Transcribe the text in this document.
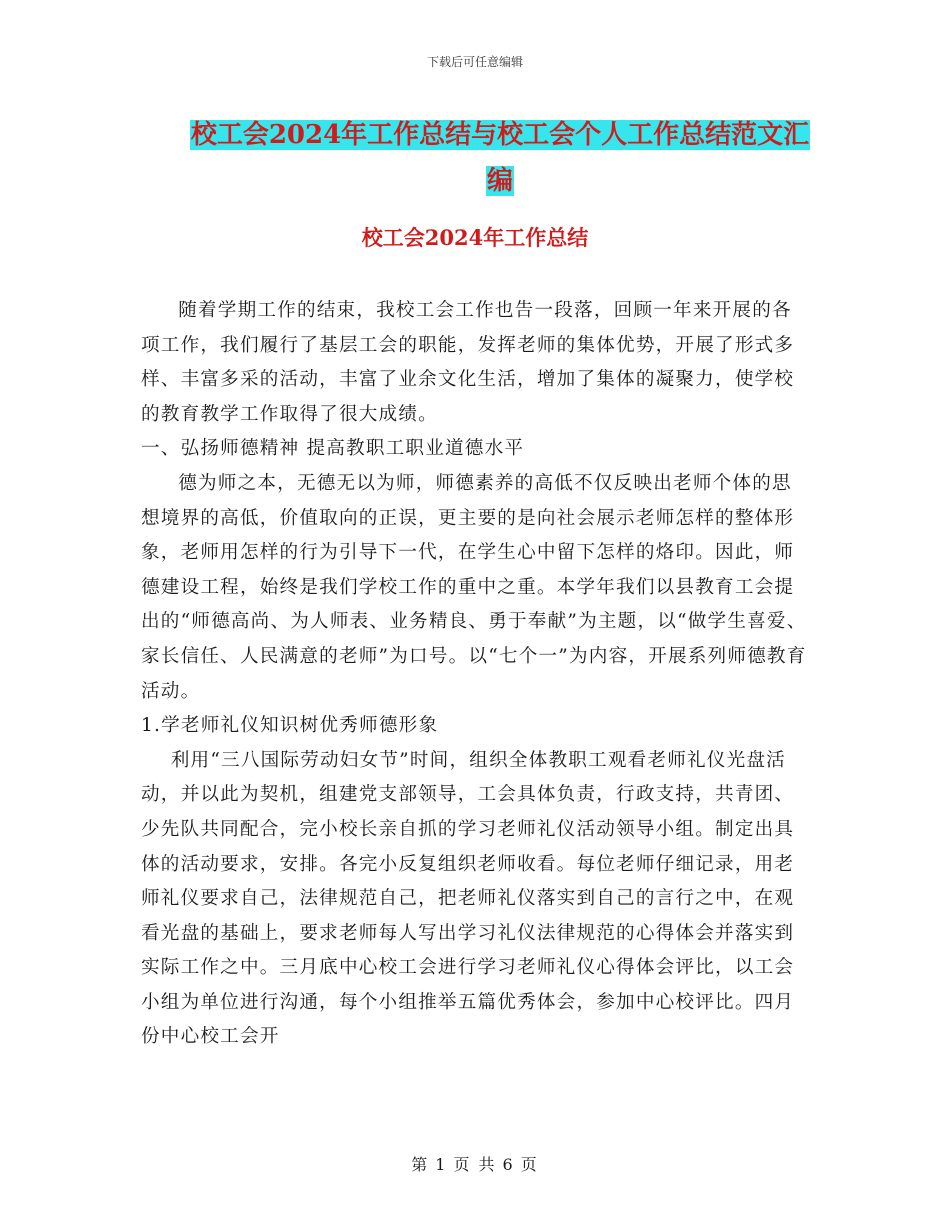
下载后可任意编辑
校工会2024年工作总结与校工会个人工作总结范文汇
编
校工会2024年工作总结

随着学期工作的结束，我校工会工作也告一段落，回顾一年来开展的各项工作，我们履行了基层工会的职能，发挥老师的集体优势，开展了形式多样、丰富多采的活动，丰富了业余文化生活，增加了集体的凝聚力，使学校的教育教学工作取得了很大成绩。

一、弘扬师德精神 提高教职工职业道德水平

德为师之本，无德无以为师，师德素养的高低不仅反映出老师个体的思想境界的高低，价值取向的正误，更主要的是向社会展示老师怎样的整体形象，老师用怎样的行为引导下一代，在学生心中留下怎样的烙印。因此，师德建设工程，始终是我们学校工作的重中之重。本学年我们以县教育工会提出的“师德高尚、为人师表、业务精良、勇于奉献”为主题，以“做学生喜爱、家长信任、人民满意的老师”为口号。以“七个一”为内容，开展系列师德教育活动。

1.学老师礼仪知识树优秀师德形象

利用“三八国际劳动妇女节”时间，组织全体教职工观看老师礼仪光盘活动，并以此为契机，组建党支部领导，工会具体负责，行政支持，共青团、少先队共同配合，完小校长亲自抓的学习老师礼仪活动领导小组。制定出具体的活动要求，安排。各完小反复组织老师收看。每位老师仔细记录，用老师礼仪要求自己，法律规范自己，把老师礼仪落实到自己的言行之中，在观看光盘的基础上，要求老师每人写出学习礼仪法律规范的心得体会并落实到实际工作之中。三月底中心校工会进行学习老师礼仪心得体会评比，以工会小组为单位进行沟通，每个小组推举五篇优秀体会，参加中心校评比。四月份中心校工会开

第 1 页 共 6 页
